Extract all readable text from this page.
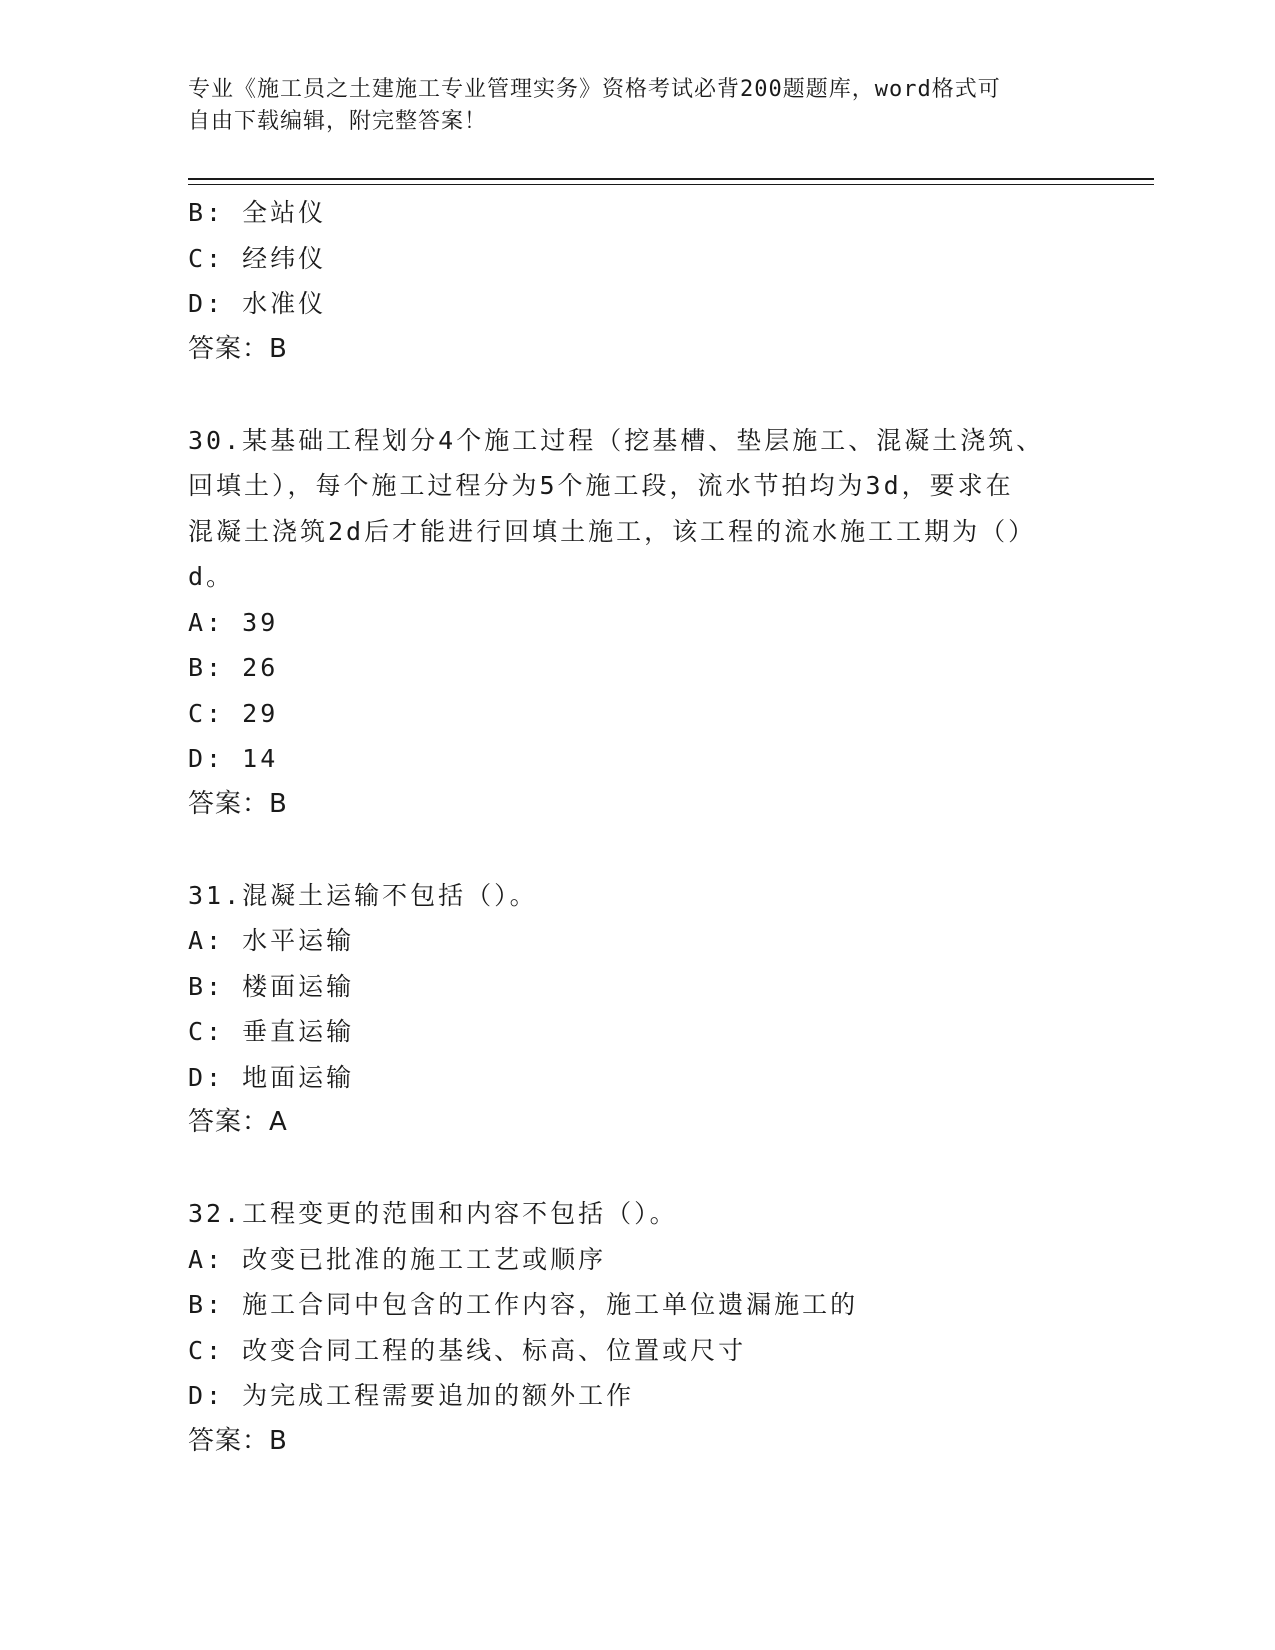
专业《施工员之土建施工专业管理实务》资格考试必背200题题库，word格式可
自由下载编辑，附完整答案！
B: 全站仪
C: 经纬仪
D: 水准仪
答案：B
30.某基础工程划分4个施工过程（挖基槽、垫层施工、混凝土浇筑、
回填土），每个施工过程分为5个施工段，流水节拍均为3d，要求在
混凝土浇筑2d后才能进行回填土施工，该工程的流水施工工期为（）
d。
A: 39
B: 26
C: 29
D: 14
答案：B
31.混凝土运输不包括（）。
A: 水平运输
B: 楼面运输
C: 垂直运输
D: 地面运输
答案：A
32.工程变更的范围和内容不包括（）。
A: 改变已批准的施工工艺或顺序
B: 施工合同中包含的工作内容，施工单位遗漏施工的
C: 改变合同工程的基线、标高、位置或尺寸
D: 为完成工程需要追加的额外工作
答案：B
